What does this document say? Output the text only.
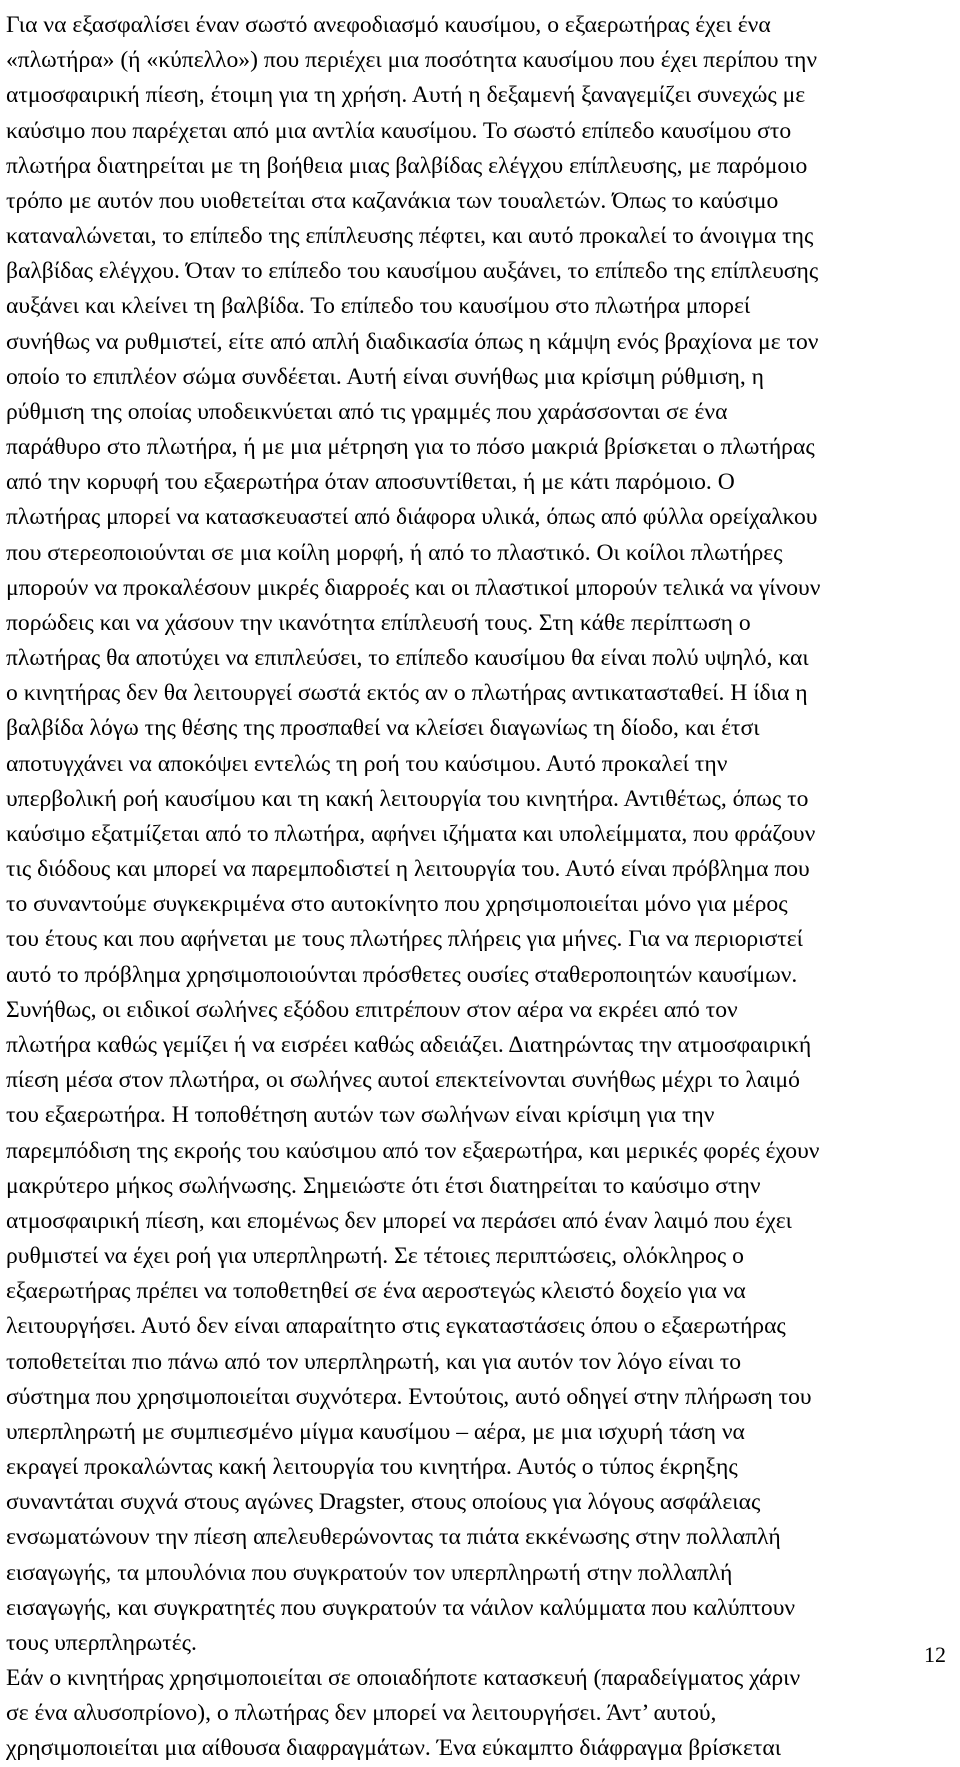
Για να εξασφαλίσει έναν σωστό ανεφοδιασμό καυσίμου, ο εξαερωτήρας έχει ένα
«πλωτήρα» (ή «κύπελλο») που περιέχει μια ποσότητα καυσίμου που έχει περίπου την
ατμοσφαιρική πίεση, έτοιμη για τη χρήση. Αυτή η δεξαμενή ξαναγεμίζει συνεχώς με
καύσιμο που παρέχεται από μια αντλία καυσίμου. Το σωστό επίπεδο καυσίμου στο
πλωτήρα διατηρείται με τη βοήθεια μιας βαλβίδας ελέγχου επίπλευσης, με παρόμοιο
τρόπο με αυτόν που υιοθετείται στα καζανάκια των τουαλετών. Όπως το καύσιμο
καταναλώνεται, το επίπεδο της επίπλευσης πέφτει, και αυτό προκαλεί το άνοιγμα της
βαλβίδας ελέγχου. Όταν το επίπεδο του καυσίμου αυξάνει, το επίπεδο της επίπλευσης
αυξάνει και κλείνει τη βαλβίδα. Το επίπεδο του καυσίμου στο πλωτήρα μπορεί
συνήθως να ρυθμιστεί, είτε από απλή διαδικασία όπως η κάμψη ενός βραχίονα με τον
οποίο το επιπλέον σώμα συνδέεται. Αυτή είναι συνήθως μια κρίσιμη ρύθμιση, η
ρύθμιση της οποίας υποδεικνύεται από τις γραμμές που χαράσσονται σε ένα
παράθυρο στο πλωτήρα, ή με μια μέτρηση για το πόσο μακριά βρίσκεται ο πλωτήρας
από την κορυφή του εξαερωτήρα όταν αποσυντίθεται, ή με κάτι παρόμοιο. Ο
πλωτήρας μπορεί να κατασκευαστεί από διάφορα υλικά, όπως από φύλλα ορείχαλκου
που στερεοποιούνται σε μια κοίλη μορφή, ή από το πλαστικό. Οι κοίλοι πλωτήρες
μπορούν να προκαλέσουν μικρές διαρροές και οι πλαστικοί μπορούν τελικά να γίνουν
πορώδεις και να χάσουν την ικανότητα επίπλευσή τους. Στη κάθε περίπτωση ο
πλωτήρας θα αποτύχει να επιπλεύσει, το επίπεδο καυσίμου θα είναι πολύ υψηλό, και
ο κινητήρας δεν θα λειτουργεί σωστά εκτός αν ο πλωτήρας αντικατασταθεί. Η ίδια η
βαλβίδα λόγω της θέσης της προσπαθεί να κλείσει διαγωνίως τη δίοδο, και έτσι
αποτυγχάνει να αποκόψει εντελώς τη ροή του καύσιμου. Αυτό προκαλεί την
υπερβολική ροή καυσίμου και τη κακή λειτουργία του κινητήρα. Αντιθέτως, όπως το
καύσιμο εξατμίζεται από το πλωτήρα, αφήνει ιζήματα και υπολείμματα, που φράζουν
τις διόδους και μπορεί να παρεμποδιστεί η λειτουργία του. Αυτό είναι πρόβλημα που
το συναντούμε συγκεκριμένα στο αυτοκίνητο που χρησιμοποιείται μόνο για μέρος
του έτους και που αφήνεται με τους πλωτήρες πλήρεις για μήνες. Για να περιοριστεί
αυτό το πρόβλημα χρησιμοποιούνται πρόσθετες ουσίες σταθεροποιητών καυσίμων.
Συνήθως, οι ειδικοί σωλήνες εξόδου επιτρέπουν στον αέρα να εκρέει από τον
πλωτήρα καθώς γεμίζει ή να εισρέει καθώς αδειάζει. Διατηρώντας την ατμοσφαιρική
πίεση μέσα στον πλωτήρα, οι σωλήνες αυτοί επεκτείνονται συνήθως μέχρι το λαιμό
του εξαερωτήρα. Η τοποθέτηση αυτών των σωλήνων είναι κρίσιμη για την
παρεμπόδιση της εκροής του καύσιμου από τον εξαερωτήρα, και μερικές φορές έχουν
μακρύτερο μήκος σωλήνωσης. Σημειώστε ότι έτσι διατηρείται το καύσιμο στην
ατμοσφαιρική πίεση, και επομένως δεν μπορεί να περάσει από έναν λαιμό που έχει
ρυθμιστεί να έχει ροή για υπερπληρωτή. Σε τέτοιες περιπτώσεις, ολόκληρος ο
εξαερωτήρας πρέπει να τοποθετηθεί σε ένα αεροστεγώς κλειστό δοχείο για να
λειτουργήσει. Αυτό δεν είναι απαραίτητο στις εγκαταστάσεις όπου ο εξαερωτήρας
τοποθετείται πιο πάνω από τον υπερπληρωτή, και για αυτόν τον λόγο είναι το
σύστημα που χρησιμοποιείται συχνότερα. Εντούτοις, αυτό οδηγεί στην πλήρωση του
υπερπληρωτή με συμπιεσμένο μίγμα καυσίμου – αέρα, με μια ισχυρή τάση να
εκραγεί προκαλώντας κακή λειτουργία του κινητήρα. Αυτός ο τύπος έκρηξης
συναντάται συχνά στους αγώνες Dragster, στους οποίους για λόγους ασφάλειας
ενσωματώνουν την πίεση απελευθερώνοντας τα πιάτα εκκένωσης στην πολλαπλή
εισαγωγής, τα μπουλόνια που συγκρατούν τον υπερπληρωτή στην πολλαπλή
εισαγωγής, και συγκρατητές που συγκρατούν τα νάιλον καλύμματα που καλύπτουν
τους υπερπληρωτές.
Εάν ο κινητήρας χρησιμοποιείται σε οποιαδήποτε κατασκευή (παραδείγματος χάριν
σε ένα αλυσοπρίονο), ο πλωτήρας δεν μπορεί να λειτουργήσει. Άντ’ αυτού,
χρησιμοποιείται μια αίθουσα διαφραγμάτων. Ένα εύκαμπτο διάφραγμα βρίσκεται
12
